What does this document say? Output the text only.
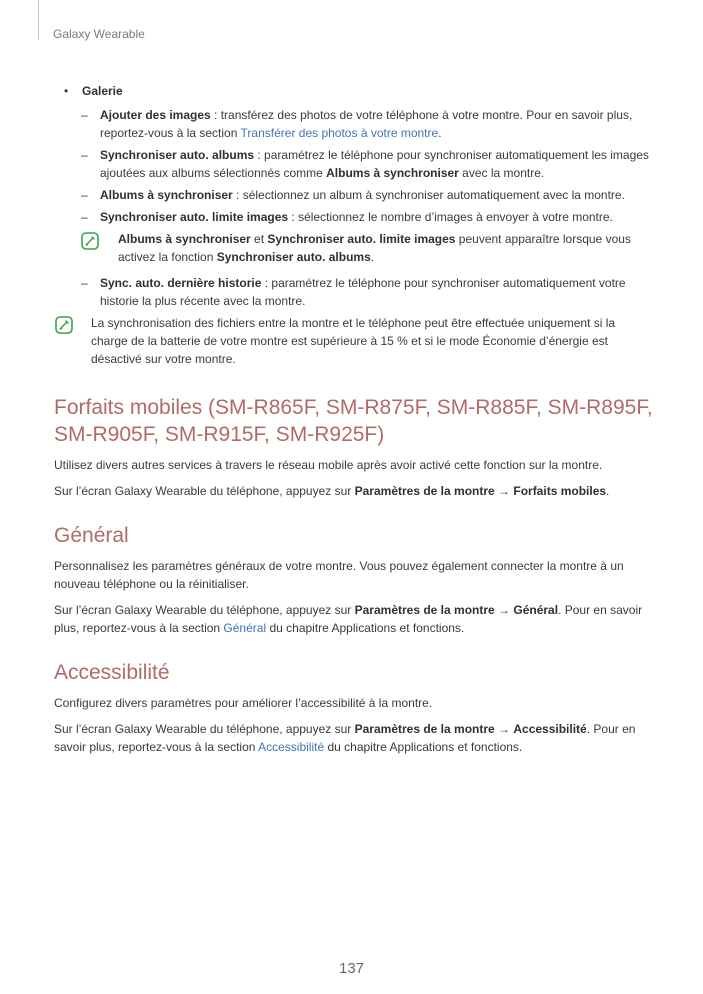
Galaxy Wearable
• Galerie
– Ajouter des images : transférez des photos de votre téléphone à votre montre. Pour en savoir plus, reportez-vous à la section Transférer des photos à votre montre.
– Synchroniser auto. albums : paramétrez le téléphone pour synchroniser automatiquement les images ajoutées aux albums sélectionnés comme Albums à synchroniser avec la montre.
– Albums à synchroniser : sélectionnez un album à synchroniser automatiquement avec la montre.
– Synchroniser auto. limite images : sélectionnez le nombre d’images à envoyer à votre montre.
Albums à synchroniser et Synchroniser auto. limite images peuvent apparaître lorsque vous activez la fonction Synchroniser auto. albums.
– Sync. auto. dernière historie : paramétrez le téléphone pour synchroniser automatiquement votre historie la plus récente avec la montre.
La synchronisation des fichiers entre la montre et le téléphone peut être effectuée uniquement si la charge de la batterie de votre montre est supérieure à 15 % et si le mode Économie d’énergie est désactivé sur votre montre.
Forfaits mobiles (SM-R865F, SM-R875F, SM-R885F, SM-R895F,
SM-R905F, SM-R915F, SM-R925F)

Utilisez divers autres services à travers le réseau mobile après avoir activé cette fonction sur la montre.

Sur l’écran Galaxy Wearable du téléphone, appuyez sur Paramètres de la montre → Forfaits mobiles.

Général

Personnalisez les paramètres généraux de votre montre. Vous pouvez également connecter la montre à un nouveau téléphone ou la réinitialiser.

Sur l’écran Galaxy Wearable du téléphone, appuyez sur Paramètres de la montre → Général. Pour en savoir plus, reportez-vous à la section Général du chapitre Applications et fonctions.

Accessibilité

Configurez divers paramètres pour améliorer l’accessibilité à la montre.

Sur l’écran Galaxy Wearable du téléphone, appuyez sur Paramètres de la montre → Accessibilité. Pour en savoir plus, reportez-vous à la section Accessibilité du chapitre Applications et fonctions.

137
